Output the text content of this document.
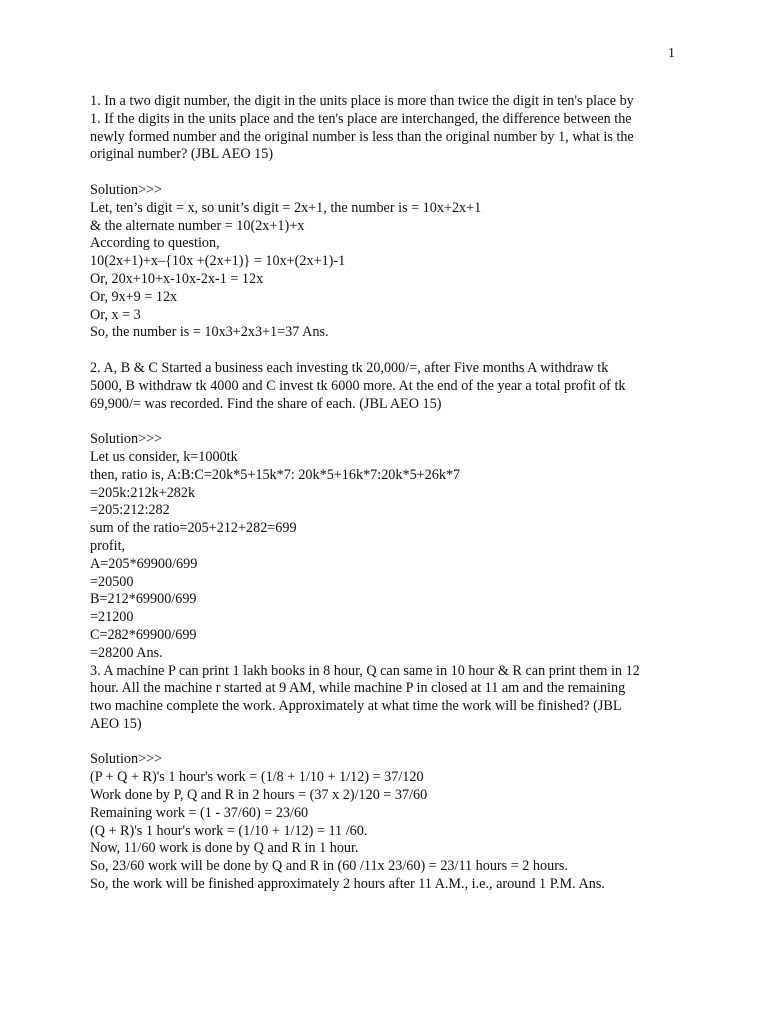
1
1. In a two digit number, the digit in the units place is more than twice the digit in ten's place by
1. If the digits in the units place and the ten's place are interchanged, the difference between the
newly formed number and the original number is less than the original number by 1, what is the
original number? (JBL AEO 15)
Solution>>>
Let, ten’s digit = x, so unit’s digit = 2x+1, the number is = 10x+2x+1
& the alternate number = 10(2x+1)+x
According to question,
10(2x+1)+x–{10x +(2x+1)} = 10x+(2x+1)-1
Or, 20x+10+x-10x-2x-1 = 12x
Or, 9x+9 = 12x
Or, x = 3
So, the number is = 10x3+2x3+1=37 Ans.
2. A, B & C Started a business each investing tk 20,000/=, after Five months A withdraw tk
5000, B withdraw tk 4000 and C invest tk 6000 more. At the end of the year a total profit of tk
69,900/= was recorded. Find the share of each. (JBL AEO 15)
Solution>>>
Let us consider, k=1000tk
then, ratio is, A:B:C=20k*5+15k*7: 20k*5+16k*7:20k*5+26k*7
=205k:212k+282k
=205:212:282
sum of the ratio=205+212+282=699
profit,
A=205*69900/699
=20500
B=212*69900/699
=21200
C=282*69900/699
=28200 Ans.
3. A machine P can print 1 lakh books in 8 hour, Q can same in 10 hour & R can print them in 12
hour. All the machine r started at 9 AM, while machine P in closed at 11 am and the remaining
two machine complete the work. Approximately at what time the work will be finished? (JBL
AEO 15)
Solution>>>
(P + Q + R)'s 1 hour's work = (1/8 + 1/10 + 1/12) = 37/120
Work done by P, Q and R in 2 hours = (37 x 2)/120 = 37/60
Remaining work = (1 - 37/60) = 23/60
(Q + R)'s 1 hour's work = (1/10 + 1/12) = 11 /60.
Now, 11/60 work is done by Q and R in 1 hour.
So, 23/60 work will be done by Q and R in (60 /11x 23/60) = 23/11 hours = 2 hours.
So, the work will be finished approximately 2 hours after 11 A.M., i.e., around 1 P.M. Ans.
